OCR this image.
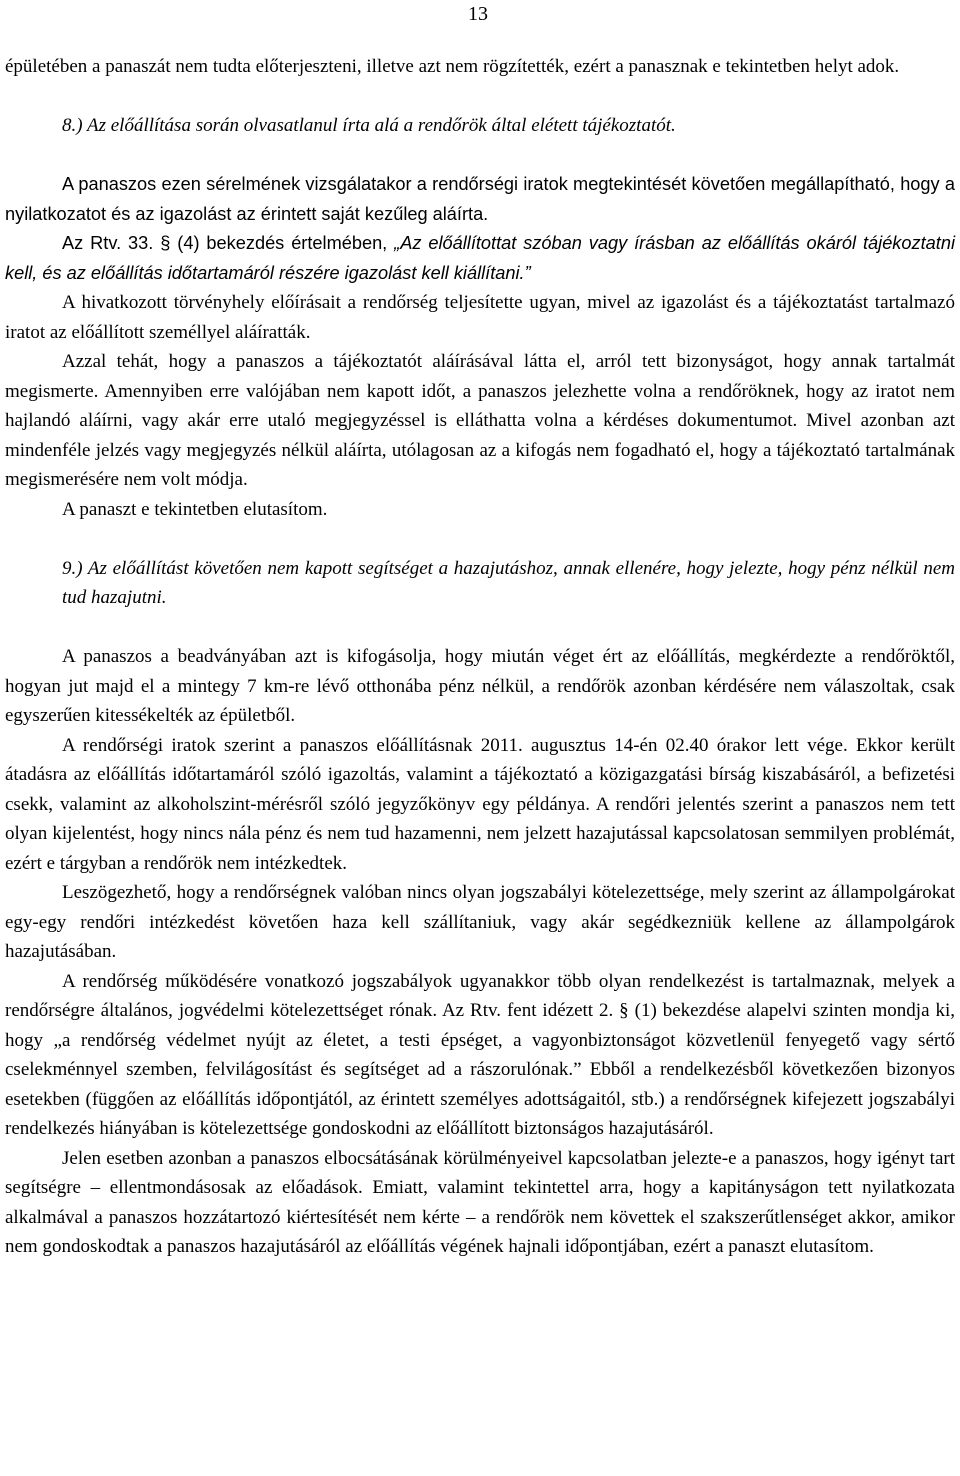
13

épületében a panaszát nem tudta előterjeszteni, illetve azt nem rögzítették, ezért a panasznak e tekintetben helyt adok.

8.) Az előállítása során olvasatlanul írta alá a rendőrök által elétett tájékoztatót.

A panaszos ezen sérelmének vizsgálatakor a rendőrségi iratok megtekintését követően megállapítható, hogy a nyilatkozatot és az igazolást az érintett saját kezűleg aláírta.

Az Rtv. 33. § (4) bekezdés értelmében, „Az előállítottat szóban vagy írásban az előállítás okáról tájékoztatni kell, és az előállítás időtartamáról részére igazolást kell kiállítani.”

A hivatkozott törvényhely előírásait a rendőrség teljesítette ugyan, mivel az igazolást és a tájékoztatást tartalmazó iratot az előállított személlyel aláíratták.

Azzal tehát, hogy a panaszos a tájékoztatót aláírásával látta el, arról tett bizonyságot, hogy annak tartalmát megismerte. Amennyiben erre valójában nem kapott időt, a panaszos jelezhette volna a rendőröknek, hogy az iratot nem hajlandó aláírni, vagy akár erre utaló megjegyzéssel is elláthatta volna a kérdéses dokumentumot. Mivel azonban azt mindenféle jelzés vagy megjegyzés nélkül aláírta, utólagosan az a kifogás nem fogadható el, hogy a tájékoztató tartalmának megismerésére nem volt módja.

A panaszt e tekintetben elutasítom.

9.) Az előállítást követően nem kapott segítséget a hazajutáshoz, annak ellenére, hogy jelezte, hogy pénz nélkül nem tud hazajutni.

A panaszos a beadványában azt is kifogásolja, hogy miután véget ért az előállítás, megkérdezte a rendőröktől, hogyan jut majd el a mintegy 7 km-re lévő otthonába pénz nélkül, a rendőrök azonban kérdésére nem válaszoltak, csak egyszerűen kitessékelték az épületből.

A rendőrségi iratok szerint a panaszos előállításnak 2011. augusztus 14-én 02.40 órakor lett vége. Ekkor került átadásra az előállítás időtartamáról szóló igazoltás, valamint a tájékoztató a közigazgatási bírság kiszabásáról, a befizetési csekk, valamint az alkoholszint-mérésről szóló jegyzőkönyv egy példánya. A rendőri jelentés szerint a panaszos nem tett olyan kijelentést, hogy nincs nála pénz és nem tud hazamenni, nem jelzett hazajutással kapcsolatosan semmilyen problémát, ezért e tárgyban a rendőrök nem intézkedtek.

Leszögezhető, hogy a rendőrségnek valóban nincs olyan jogszabályi kötelezettsége, mely szerint az állampolgárokat egy-egy rendőri intézkedést követően haza kell szállítaniuk, vagy akár segédkezniük kellene az állampolgárok hazajutásában.

A rendőrség működésére vonatkozó jogszabályok ugyanakkor több olyan rendelkezést is tartalmaznak, melyek a rendőrségre általános, jogvédelmi kötelezettséget rónak. Az Rtv. fent idézett 2. § (1) bekezdése alapelvi szinten mondja ki, hogy „a rendőrség védelmet nyújt az életet, a testi épséget, a vagyonbiztonságot közvetlenül fenyegető vagy sértő cselekménnyel szemben, felvilágosítást és segítséget ad a rászorulónak.” Ebből a rendelkezésből következően bizonyos esetekben (függően az előállítás időpontjától, az érintett személyes adottságaitól, stb.) a rendőrségnek kifejezett jogszabályi rendelkezés hiányában is kötelezettsége gondoskodni az előállított biztonságos hazajutásáról.

Jelen esetben azonban a panaszos elbocsátásának körülményeivel kapcsolatban jelezte-e a panaszos, hogy igényt tart segítségre – ellentmondásosak az előadások. Emiatt, valamint tekintettel arra, hogy a kapitányságon tett nyilatkozata alkalmával a panaszos hozzátartozó kiértesítését nem kérte – a rendőrök nem követtek el szakszerűtlenséget akkor, amikor nem gondoskodtak a panaszos hazajutásáról az előállítás végének hajnali időpontjában, ezért a panaszt elutasítom.
